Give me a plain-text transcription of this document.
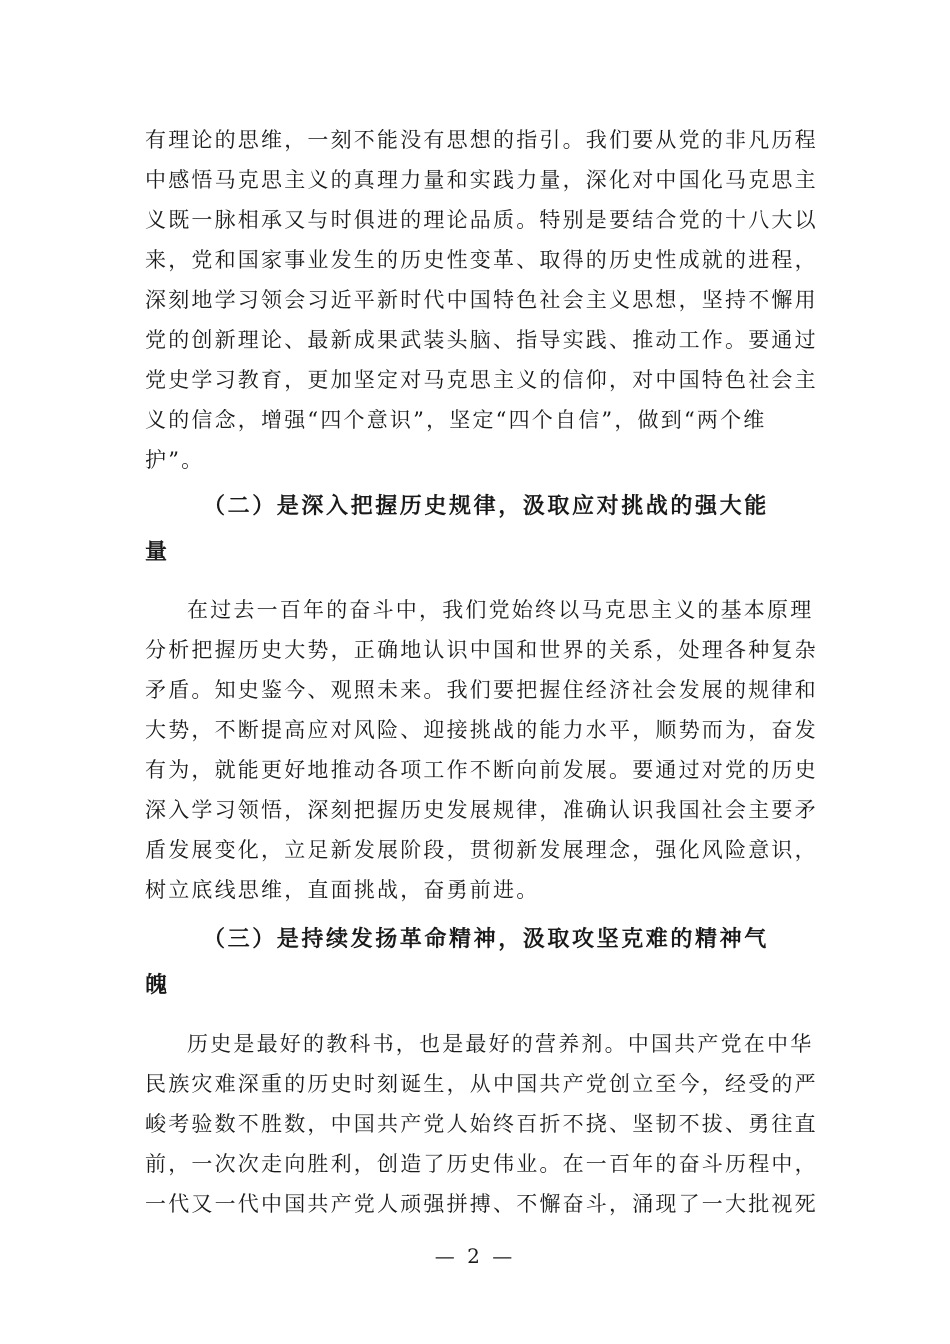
有理论的思维，一刻不能没有思想的指引。我们要从党的非凡历程
中感悟马克思主义的真理力量和实践力量，深化对中国化马克思主
义既一脉相承又与时俱进的理论品质。特别是要结合党的十八大以
来，党和国家事业发生的历史性变革、取得的历史性成就的进程，
深刻地学习领会习近平新时代中国特色社会主义思想，坚持不懈用
党的创新理论、最新成果武装头脑、指导实践、推动工作。要通过
党史学习教育，更加坚定对马克思主义的信仰，对中国特色社会主
义的信念，增强“四个意识”，坚定“四个自信”，做到“两个维
护”。
（二）是深入把握历史规律，汲取应对挑战的强大能
量
在过去一百年的奋斗中，我们党始终以马克思主义的基本原理
分析把握历史大势，正确地认识中国和世界的关系，处理各种复杂
矛盾。知史鉴今、观照未来。我们要把握住经济社会发展的规律和
大势，不断提高应对风险、迎接挑战的能力水平，顺势而为，奋发
有为，就能更好地推动各项工作不断向前发展。要通过对党的历史
深入学习领悟，深刻把握历史发展规律，准确认识我国社会主要矛
盾发展变化，立足新发展阶段，贯彻新发展理念，强化风险意识，
树立底线思维，直面挑战，奋勇前进。
（三）是持续发扬革命精神，汲取攻坚克难的精神气
魄
历史是最好的教科书，也是最好的营养剂。中国共产党在中华
民族灾难深重的历史时刻诞生，从中国共产党创立至今，经受的严
峻考验数不胜数，中国共产党人始终百折不挠、坚韧不拔、勇往直
前，一次次走向胜利，创造了历史伟业。在一百年的奋斗历程中，
一代又一代中国共产党人顽强拼搏、不懈奋斗，涌现了一大批视死
— 2 —
